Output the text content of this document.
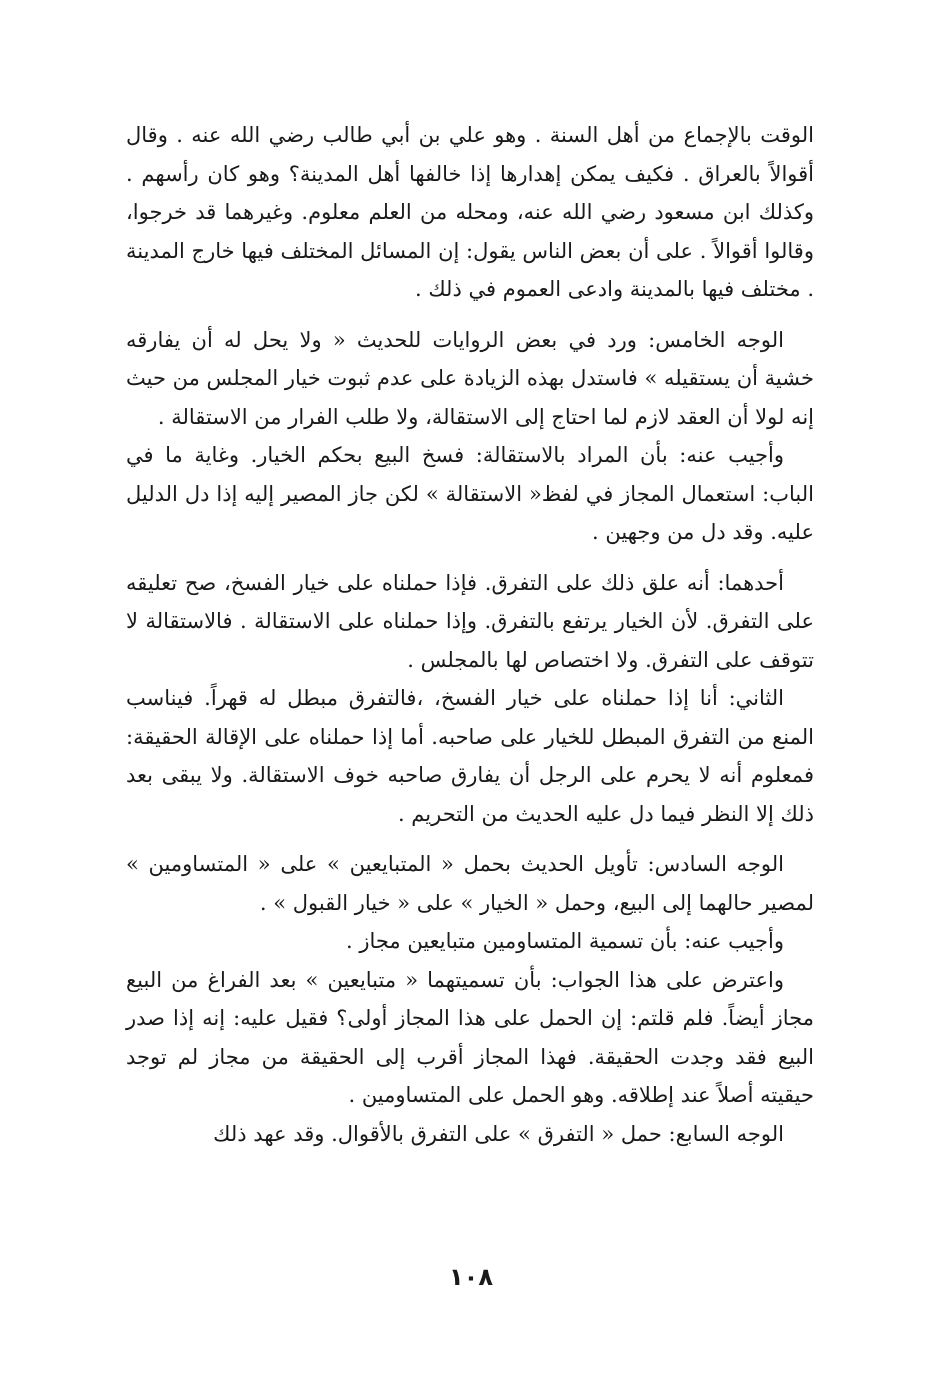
الوقت بالإجماع من أهل السنة . وهو علي بن أبي طالب رضي الله عنه . وقال أقوالاً بالعراق . فكيف يمكن إهدارها إذا خالفها أهل المدينة؟ وهو كان رأسهم . وكذلك ابن مسعود رضي الله عنه، ومحله من العلم معلوم. وغيرهما قد خرجوا، وقالوا أقوالاً . على أن بعض الناس يقول: إن المسائل المختلف فيها خارج المدينة . مختلف فيها بالمدينة وادعى العموم في ذلك .

الوجه الخامس: ورد في بعض الروايات للحديث « ولا يحل له أن يفارقه خشية أن يستقيله » فاستدل بهذه الزيادة على عدم ثبوت خيار المجلس من حيث إنه لولا أن العقد لازم لما احتاج إلى الاستقالة، ولا طلب الفرار من الاستقالة .

وأجيب عنه: بأن المراد بالاستقالة: فسخ البيع بحكم الخيار. وغاية ما في الباب: استعمال المجاز في لفظ« الاستقالة » لكن جاز المصير إليه إذا دل الدليل عليه. وقد دل من وجهين .

أحدهما: أنه علق ذلك على التفرق. فإذا حملناه على خيار الفسخ، صح تعليقه على التفرق. لأن الخيار يرتفع بالتفرق. وإذا حملناه على الاستقالة . فالاستقالة لا تتوقف على التفرق. ولا اختصاص لها بالمجلس .

الثاني: أنا إذا حملناه على خيار الفسخ، ،فالتفرق مبطل له قهراً. فيناسب المنع من التفرق المبطل للخيار على صاحبه. أما إذا حملناه على الإقالة الحقيقة: فمعلوم أنه لا يحرم على الرجل أن يفارق صاحبه خوف الاستقالة. ولا يبقى بعد ذلك إلا النظر فيما دل عليه الحديث من التحريم .

الوجه السادس: تأويل الحديث بحمل « المتبايعين » على « المتساومين » لمصير حالهما إلى البيع، وحمل « الخيار » على « خيار القبول » .

وأجيب عنه: بأن تسمية المتساومين متبايعين مجاز .

واعترض على هذا الجواب: بأن تسميتهما « متبايعين » بعد الفراغ من البيع مجاز أيضاً. فلم قلتم: إن الحمل على هذا المجاز أولى؟ فقيل عليه: إنه إذا صدر البيع فقد وجدت الحقيقة. فهذا المجاز أقرب إلى الحقيقة من مجاز لم توجد حيقيته أصلاً عند إطلاقه. وهو الحمل على المتساومين .

الوجه السابع: حمل « التفرق » على التفرق بالأقوال. وقد عهد ذلك

١٠٨
